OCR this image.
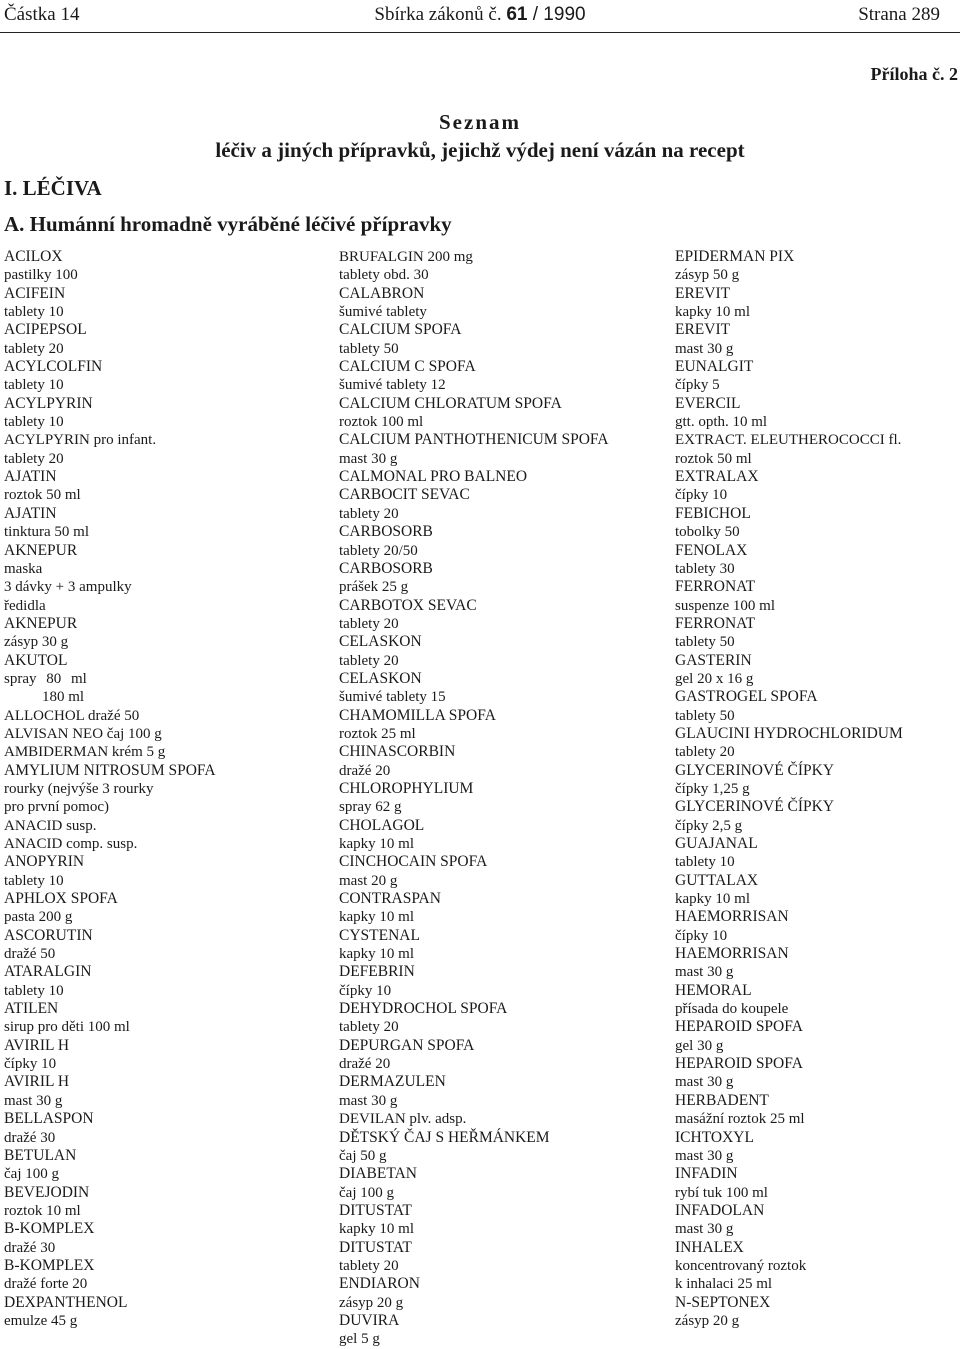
Částka 14	Sbírka zákonů č. 61 / 1990	Strana 289
Příloha č. 2
Seznam
léčiv a jiných přípravků, jejichž výdej není vázán na recept
I. LÉČIVA
A. Humánní hromadně vyráběné léčivé přípravky
ACILOX
pastilky 100
ACIFEIN
tablety 10
ACIPEPSOL
tablety 20
ACYLCOLFIN
tablety 10
ACYLPYRIN
tablety 10
ACYLPYRIN pro infant.
tablety 20
AJATIN
roztok 50 ml
AJATIN
tinktura 50 ml
AKNEPUR
maska
3 dávky + 3 ampulky
ředidla
AKNEPUR
zásyp 30 g
AKUTOL
spray 80 ml
180 ml
ALLOCHOL dražé 50
ALVISAN NEO čaj 100 g
AMBIDERMAN krém 5 g
AMYLIUM NITROSUM SPOFA
rourky (nejvýše 3 rourky
pro první pomoc)
ANACID susp.
ANACID comp. susp.
ANOPYRIN
tablety 10
APHLOX SPOFA
pasta 200 g
ASCORUTIN
dražé 50
ATARALGIN
tablety 10
ATILEN
sirup pro děti 100 ml
AVIRIL H
čípky 10
AVIRIL H
mast 30 g
BELLASPON
dražé 30
BETULAN
čaj 100 g
BEVEJODIN
roztok 10 ml
B-KOMPLEX
dražé 30
B-KOMPLEX
dražé forte 20
DEXPANTHENOL
emulze 45 g
BRUFALGIN 200 mg
tablety obd. 30
CALABRON
šumivé tablety
CALCIUM SPOFA
tablety 50
CALCIUM C SPOFA
šumivé tablety 12
CALCIUM CHLORATUM SPOFA
roztok 100 ml
CALCIUM PANTHOTHENICUM SPOFA
mast 30 g
CALMONAL PRO BALNEO
CARBOCIT SEVAC
tablety 20
CARBOSORB
tablety 20/50
CARBOSORB
prášek 25 g
CARBOTOX SEVAC
tablety 20
CELASKON
tablety 20
CELASKON
šumivé tablety 15
CHAMOMILLA SPOFA
roztok 25 ml
CHINASCORBIN
dražé 20
CHLOROPHYLIUM
spray 62 g
CHOLAGOL
kapky 10 ml
CINCHOCAIN SPOFA
mast 20 g
CONTRASPAN
kapky 10 ml
CYSTENAL
kapky 10 ml
DEFEBRIN
čípky 10
DEHYDROCHOL SPOFA
tablety 20
DEPURGAN SPOFA
dražé 20
DERMAZULEN
mast 30 g
DEVILAN plv. adsp.
DĚTSKÝ ČAJ S HEŘMÁNKEM
čaj 50 g
DIABETAN
čaj 100 g
DITUSTAT
kapky 10 ml
DITUSTAT
tablety 20
ENDIARON
zásyp 20 g
DUVIRA
gel 5 g
EPIDERMAN PIX
zásyp 50 g
EREVIT
kapky 10 ml
EREVIT
mast 30 g
EUNALGIT
čípky 5
EVERCIL
gtt. opth. 10 ml
EXTRACT. ELEUTHEROCOCCI fl.
roztok 50 ml
EXTRALAX
čípky 10
FEBICHOL
tobolky 50
FENOLAX
tablety 30
FERRONAT
suspenze 100 ml
FERRONAT
tablety 50
GASTERIN
gel 20 x 16 g
GASTROGEL SPOFA
tablety 50
GLAUCINI HYDROCHLORIDUM
tablety 20
GLYCERINOVÉ ČÍPKY
čípky 1,25 g
GLYCERINOVÉ ČÍPKY
čípky 2,5 g
GUAJANAL
tablety 10
GUTTALAX
kapky 10 ml
HAEMORRISAN
čípky 10
HAEMORRISAN
mast 30 g
HEMORAL
přísada do koupele
HEPAROID SPOFA
gel 30 g
HEPAROID SPOFA
mast 30 g
HERBADENT
masážní roztok 25 ml
ICHTOXYL
mast 30 g
INFADIN
rybí tuk 100 ml
INFADOLAN
mast 30 g
INHALEX
koncentrovaný roztok
k inhalaci 25 ml
N-SEPTONEX
zásyp 20 g
